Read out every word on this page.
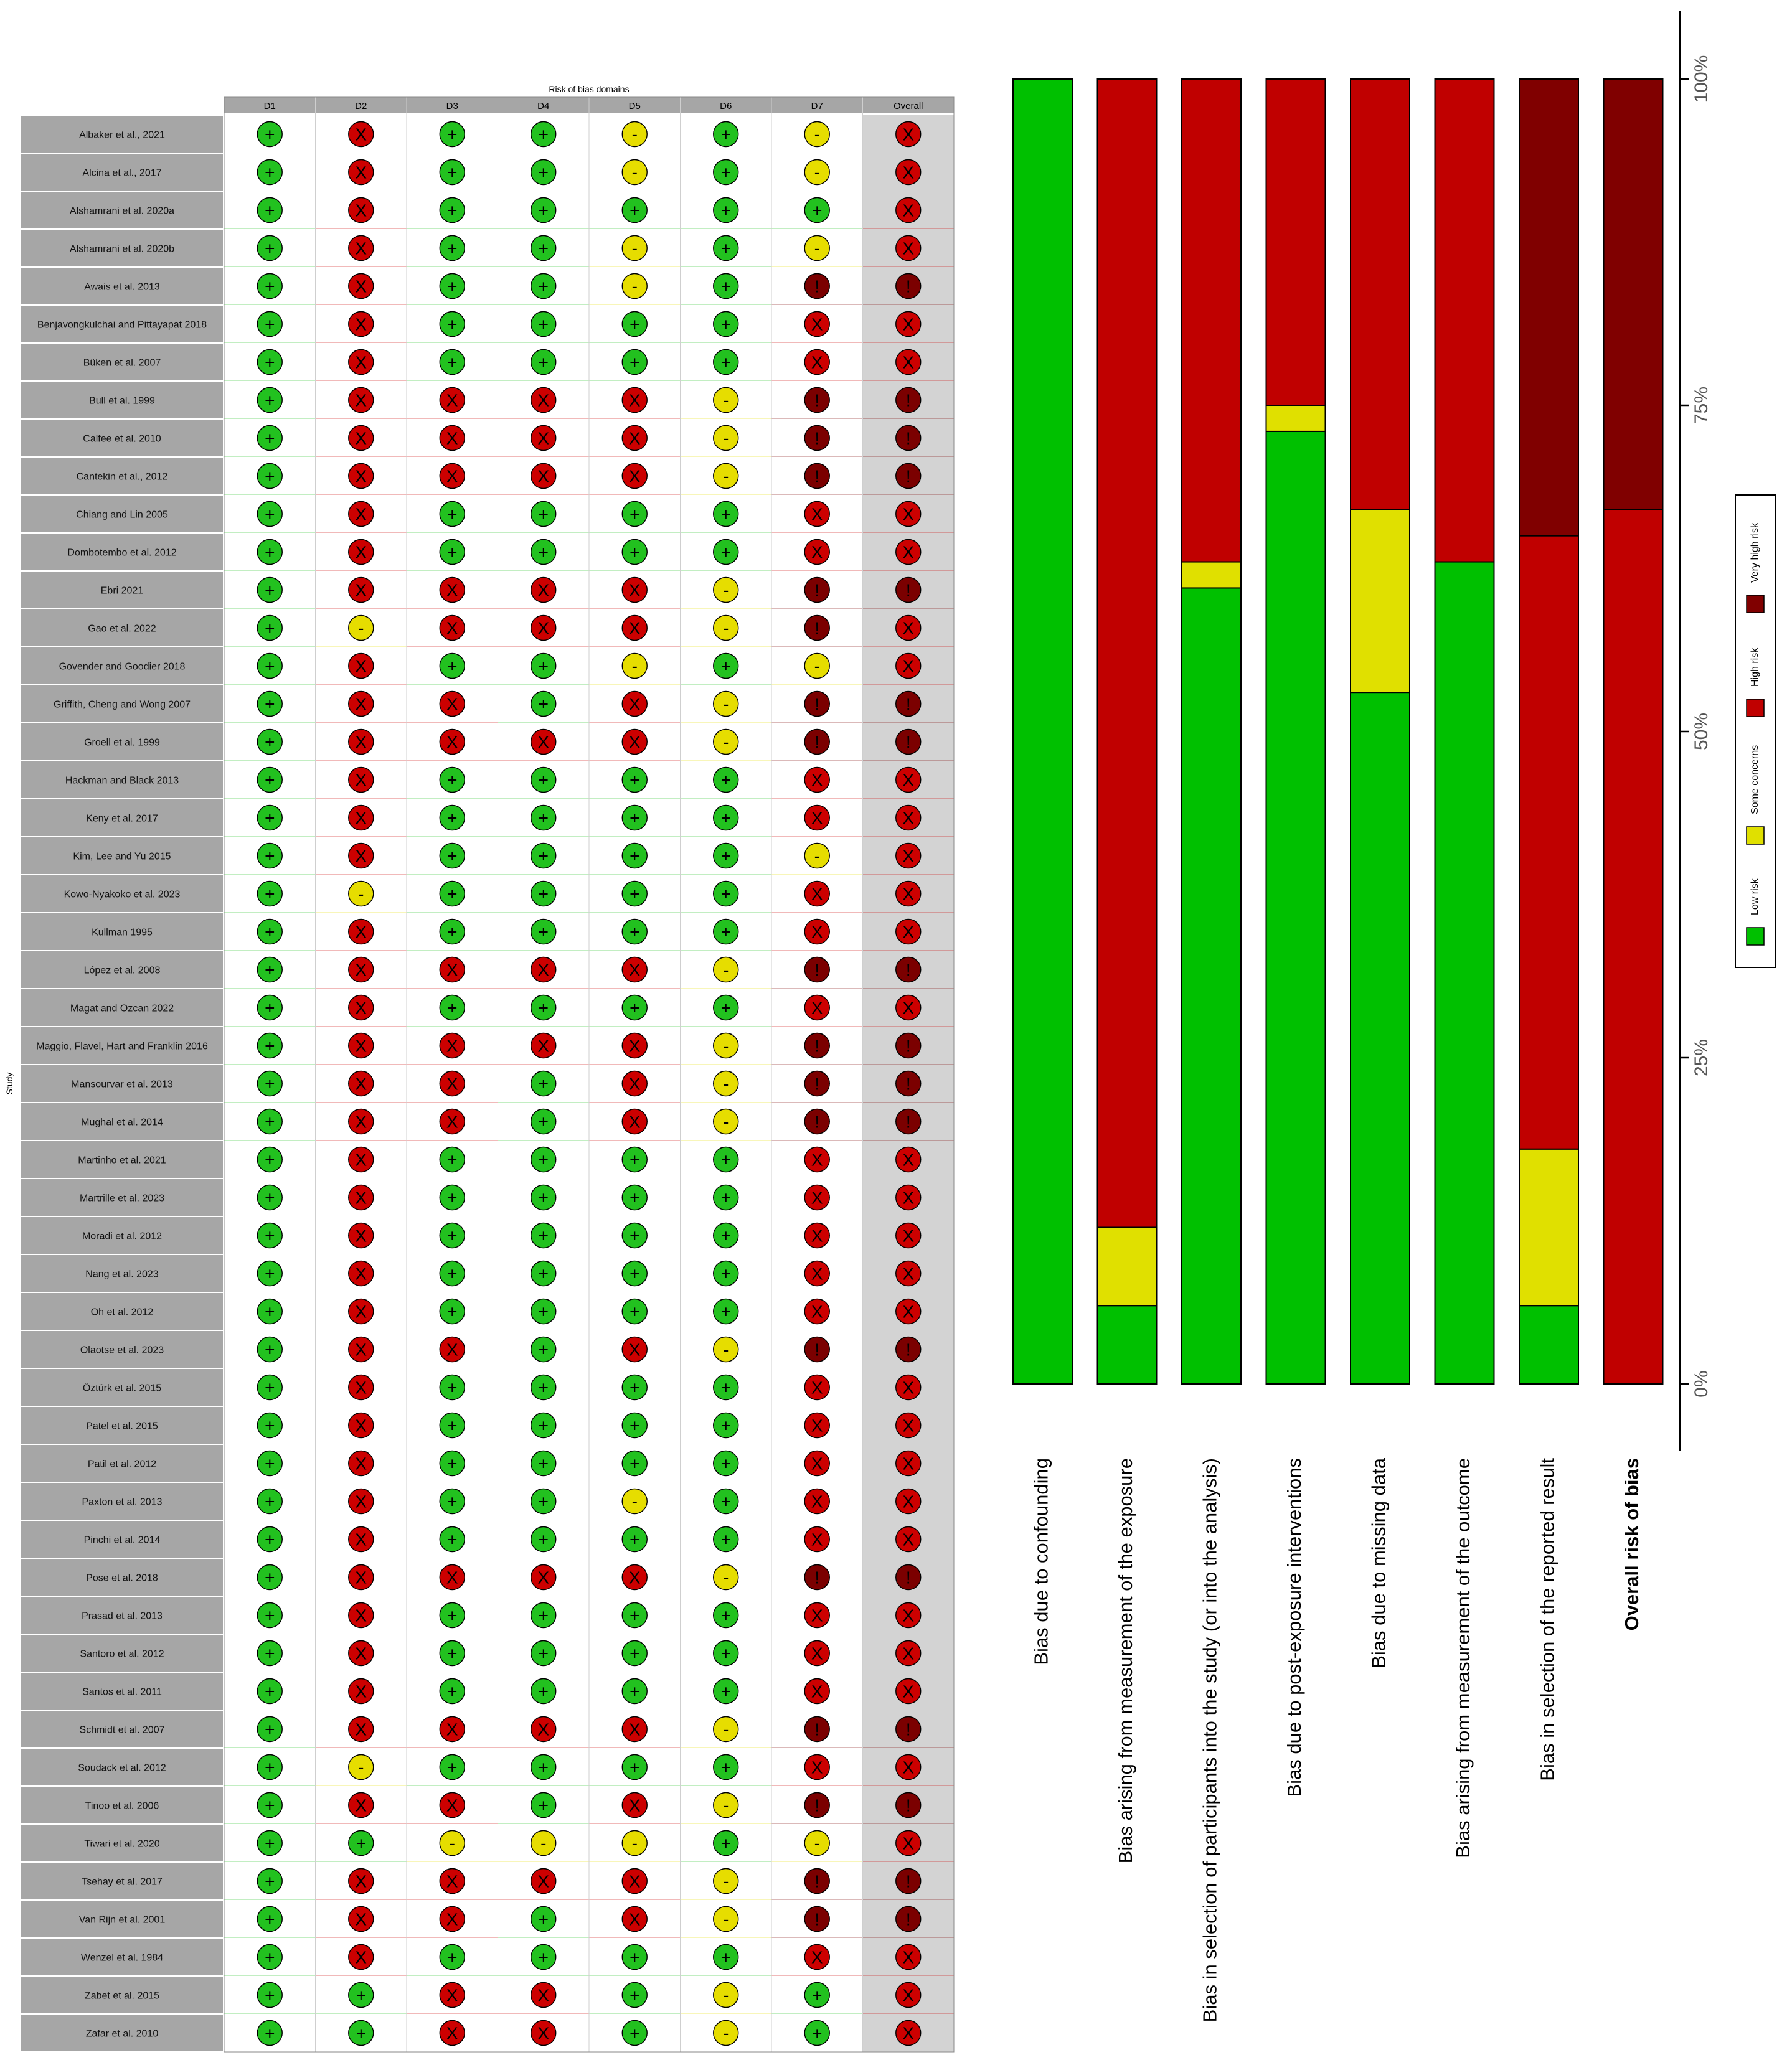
Risk of bias domains
Study
D1	D2	D3	D4	D5	D6	D7	Overall
Albaker et al., 2021	+	X	+	+	-	+	-	X
Alcina et al., 2017	+	X	+	+	-	+	-	X
Alshamrani et al. 2020a	+	X	+	+	+	+	+	X
Alshamrani et al. 2020b	+	X	+	+	-	+	-	X
Awais et al. 2013	+	X	+	+	-	+	!	!
Benjavongkulchai and Pittayapat 2018	+	X	+	+	+	+	X	X
Büken et al. 2007	+	X	+	+	+	+	X	X
Bull et al. 1999	+	X	X	X	X	-	!	!
Calfee et al. 2010	+	X	X	X	X	-	!	!
Cantekin et al., 2012	+	X	X	X	X	-	!	!
Chiang and Lin 2005	+	X	+	+	+	+	X	X
Dombotembo et al. 2012	+	X	+	+	+	+	X	X
Ebri 2021	+	X	X	X	X	-	!	!
Gao et al. 2022	+	-	X	X	X	-	!	X
Govender and Goodier 2018	+	X	+	+	-	+	-	X
Griffith, Cheng and Wong 2007	+	X	X	+	X	-	!	!
Groell et al. 1999	+	X	X	X	X	-	!	!
Hackman and Black 2013	+	X	+	+	+	+	X	X
Keny et al. 2017	+	X	+	+	+	+	X	X
Kim, Lee and Yu 2015	+	X	+	+	+	+	-	X
Kowo-Nyakoko et al. 2023	+	-	+	+	+	+	X	X
Kullman 1995	+	X	+	+	+	+	X	X
López et al. 2008	+	X	X	X	X	-	!	!
Magat and Ozcan 2022	+	X	+	+	+	+	X	X
Maggio, Flavel, Hart and Franklin 2016	+	X	X	X	X	-	!	!
Mansourvar et al. 2013	+	X	X	+	X	-	!	!
Mughal et al. 2014	+	X	X	+	X	-	!	!
Martinho et al. 2021	+	X	+	+	+	+	X	X
Martrille et al. 2023	+	X	+	+	+	+	X	X
Moradi et al. 2012	+	X	+	+	+	+	X	X
Nang et al. 2023	+	X	+	+	+	+	X	X
Oh et al. 2012	+	X	+	+	+	+	X	X
Olaotse et al. 2023	+	X	X	+	X	-	!	!
Öztürk et al. 2015	+	X	+	+	+	+	X	X
Patel et al. 2015	+	X	+	+	+	+	X	X
Patil et al. 2012	+	X	+	+	+	+	X	X
Paxton et al. 2013	+	X	+	+	-	+	X	X
Pinchi et al. 2014	+	X	+	+	+	+	X	X
Pose et al. 2018	+	X	X	X	X	-	!	!
Prasad et al. 2013	+	X	+	+	+	+	X	X
Santoro et al. 2012	+	X	+	+	+	+	X	X
Santos et al. 2011	+	X	+	+	+	+	X	X
Schmidt et al. 2007	+	X	X	X	X	-	!	!
Soudack et al. 2012	+	-	+	+	+	+	X	X
Tinoo et al. 2006	+	X	X	+	X	-	!	!
Tiwari et al. 2020	+	+	-	-	-	+	-	X
Tsehay et al. 2017	+	X	X	X	X	-	!	!
Van Rijn et al. 2001	+	X	X	+	X	-	!	!
Wenzel et al. 1984	+	X	+	+	+	+	X	X
Zabet et al. 2015	+	+	X	X	+	-	+	X
Zafar et al. 2010	+	+	X	X	+	-	+	X
0%
25%
50%
75%
100%
Bias due to confounding	Bias arising from measurement of the exposure	Bias in selection of participants into the study (or into the analysis)	Bias due to post-exposure interventions	Bias due to missing data	Bias arising from measurement of the outcome	Bias in selection of the reported result	Overall risk of bias
Low risk
Some concerns
High risk
Very high risk
